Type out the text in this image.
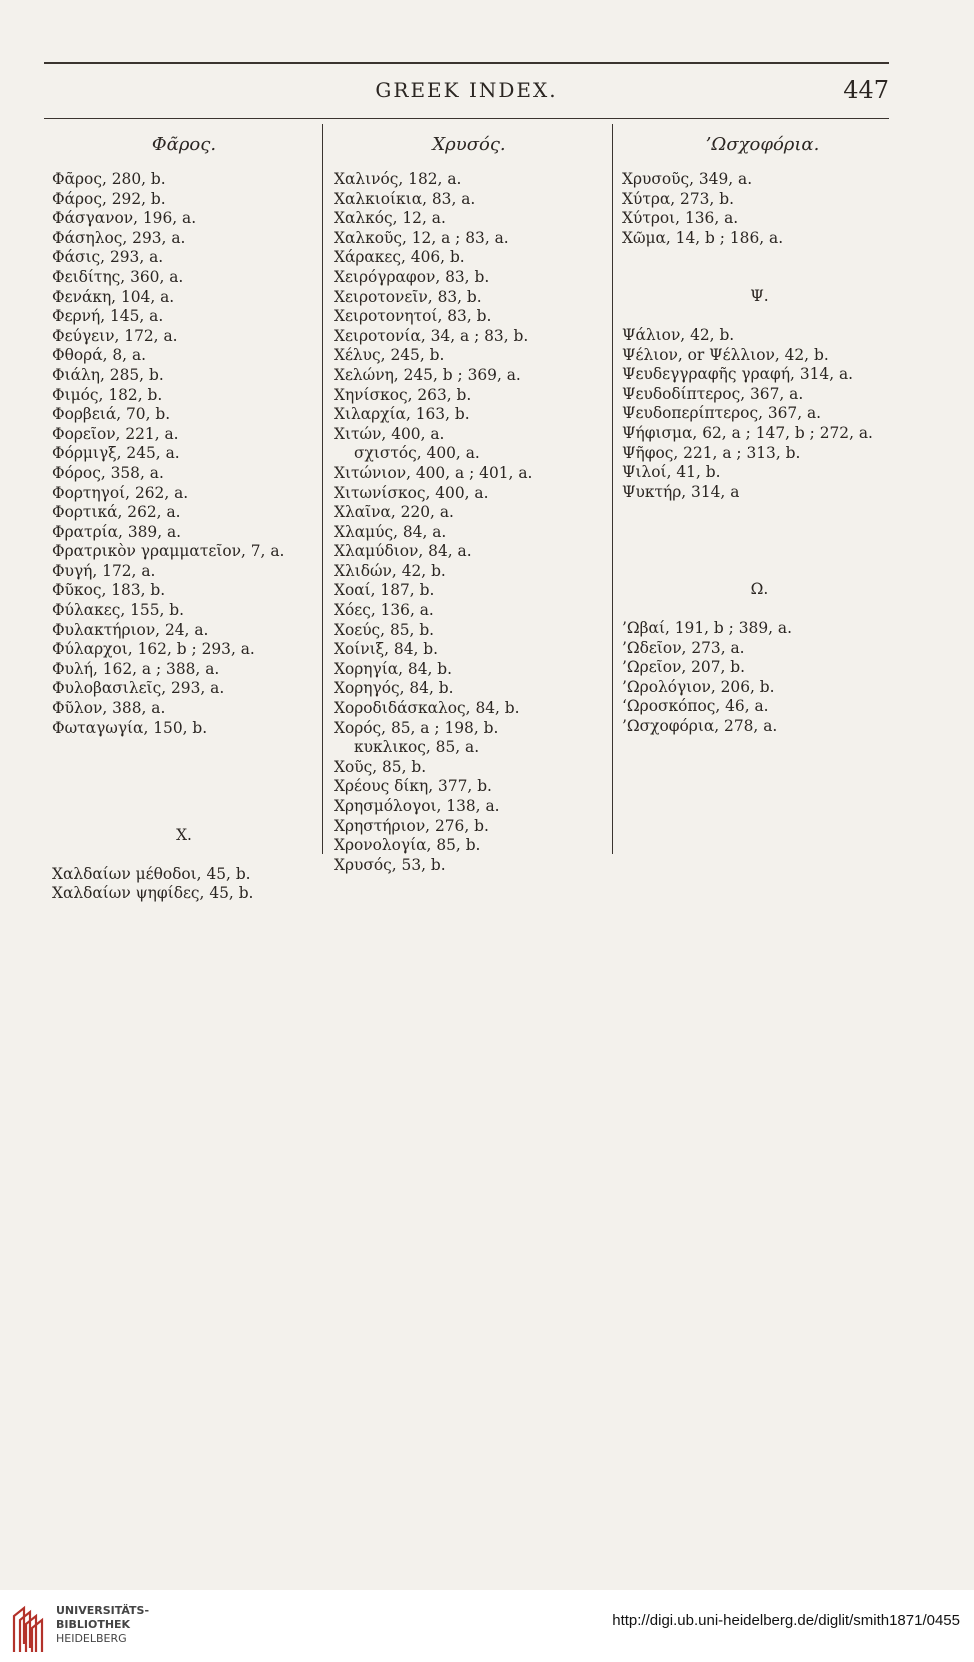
GREEK INDEX.	447
Φᾶρος.
Φᾶρος, 280, b.
Φάρος, 292, b.
Φάσγανον, 196, a.
Φάσηλος, 293, a.
Φάσις, 293, a.
Φειδίτης, 360, a.
Φενάκη, 104, a.
Φερνή, 145, a.
Φεύγειν, 172, a.
Φθορά, 8, a.
Φιάλη, 285, b.
Φιμός, 182, b.
Φορβειά, 70, b.
Φορεῖον, 221, a.
Φόρμιγξ, 245, a.
Φόρος, 358, a.
Φορτηγοί, 262, a.
Φορτικά, 262, a.
Φρατρία, 389, a.
Φρατρικὸν γραμματεῖον, 7, a.
Φυγή, 172, a.
Φῦκος, 183, b.
Φύλακες, 155, b.
Φυλακτήριον, 24, a.
Φύλαρχοι, 162, b ; 293, a.
Φυλή, 162, a ; 388, a.
Φυλοβασιλεῖς, 293, a.
Φῦλον, 388, a.
Φωταγωγία, 150, b.
X.
Χαλδαίων μέθοδοι, 45, b.
Χαλδαίων ψηφίδες, 45, b.
Χρυσός.
Χαλινός, 182, a.
Χαλκιοίκια, 83, a.
Χαλκός, 12, a.
Χαλκοῦς, 12, a ; 83, a.
Χάρακες, 406, b.
Χειρόγραφον, 83, b.
Χειροτονεῖν, 83, b.
Χειροτονητοί, 83, b.
Χειροτονία, 34, a ; 83, b.
Χέλυς, 245, b.
Χελώνη, 245, b ; 369, a.
Χηνίσκος, 263, b.
Χιλαρχία, 163, b.
Χιτών, 400, a.
σχιστός, 400, a.
Χιτώνιον, 400, a ; 401, a.
Χιτωνίσκος, 400, a.
Χλαῖνα, 220, a.
Χλαμύς, 84, a.
Χλαμύδιον, 84, a.
Χλιδών, 42, b.
Χοαί, 187, b.
Χόες, 136, a.
Χοεύς, 85, b.
Χοίνιξ, 84, b.
Χορηγία, 84, b.
Χορηγός, 84, b.
Χοροδιδάσκαλος, 84, b.
Χορός, 85, a ; 198, b.
κυκλικος, 85, a.
Χοῦς, 85, b.
Χρέους δίκη, 377, b.
Χρησμόλογοι, 138, a.
Χρηστήριον, 276, b.
Χρονολογία, 85, b.
Χρυσός, 53, b.
’Ωσχοφόρια.
Χρυσοῦς, 349, a.
Χύτρα, 273, b.
Χύτροι, 136, a.
Χῶμα, 14, b ; 186, a.
Ψ.
Ψάλιον, 42, b.
Ψέλιον, or Ψέλλιον, 42, b.
Ψευδεγγραφῆς γραφή, 314, a.
Ψευδοδίπτερος, 367, a.
Ψευδοπερίπτερος, 367, a.
Ψήφισμα, 62, a ; 147, b ; 272, a.
Ψῆφος, 221, a ; 313, b.
Ψιλοί, 41, b.
Ψυκτήρ, 314, a
Ω.
’Ωβαί, 191, b ; 389, a.
’Ωδεῖον, 273, a.
’Ωρεῖον, 207, b.
’Ωρολόγιον, 206, b.
‘Ωροσκόπος, 46, a.
’Ωσχοφόρια, 278, a.
UNIVERSITÄTS-
BIBLIOTHEK
HEIDELBERG
http://digi.ub.uni-heidelberg.de/diglit/smith1871/0455
